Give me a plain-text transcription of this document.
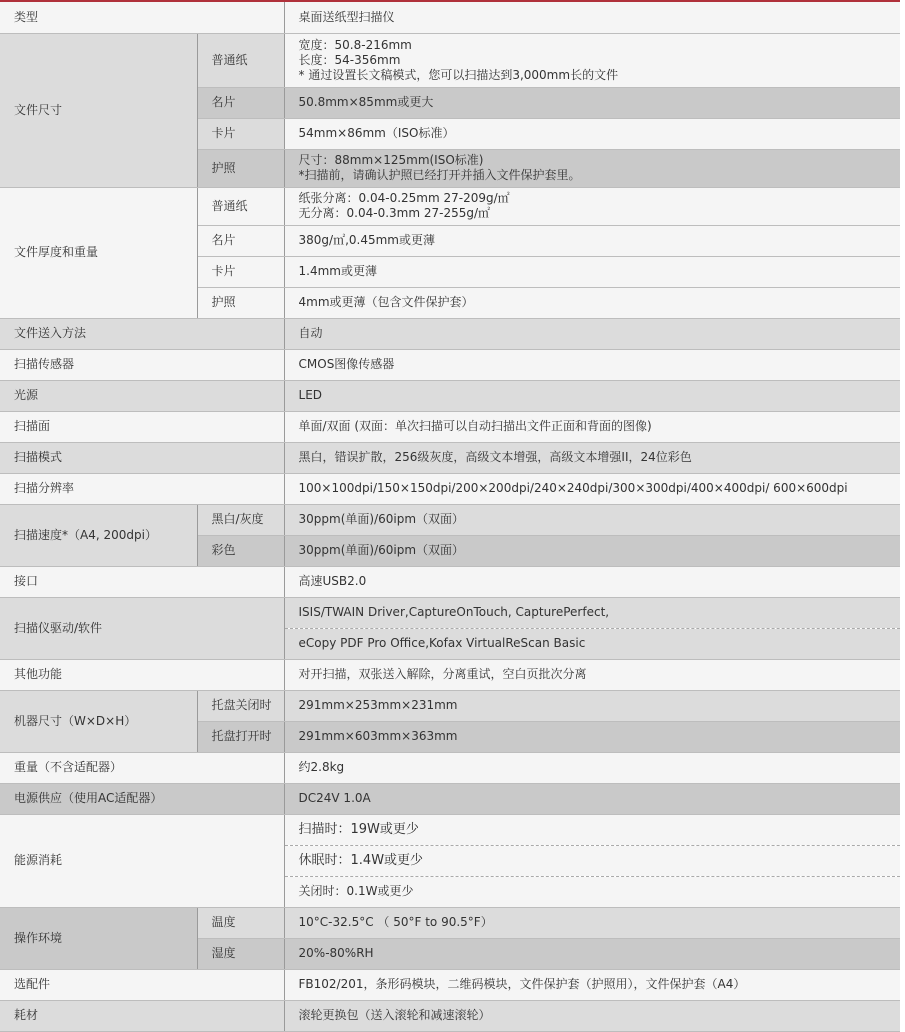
类型		桌面送纸型扫描仪
文件尺寸	普通纸	宽度：50.8-216mm
长度：54-356mm
* 通过设置长文稿模式，您可以扫描达到3,000mm长的文件

	名片	50.8mm×85mm或更大
	卡片	54mm×86mm（ISO标准）
	护照	尺寸：88mm×125mm(ISO标准)
*扫描前，请确认护照已经打开并插入文件保护套里。

文件厚度和重量	普通纸	纸张分离：0.04-0.25mm 27-209g/㎡
无分离：0.04-0.3mm 27-255g/㎡

	名片	380g/㎡,0.45mm或更薄
	卡片	1.4mm或更薄
	护照	4mm或更薄（包含文件保护套）
文件送入方法		自动
扫描传感器		CMOS图像传感器
光源		LED
扫描面		单面/双面 (双面：单次扫描可以自动扫描出文件正面和背面的图像)
扫描模式		黑白，错误扩散，256级灰度，高级文本增强，高级文本增强II，24位彩色
扫描分辨率		100×100dpi/150×150dpi/200×200dpi/240×240dpi/300×300dpi/400×400dpi/ 600×600dpi
扫描速度*（A4, 200dpi）	黑白/灰度	30ppm(单面)/60ipm（双面）
	彩色	30ppm(单面)/60ipm（双面）
接口		高速USB2.0
扫描仪驱动/软件		ISIS/TWAIN Driver,CaptureOnTouch, CapturePerfect,
		eCopy PDF Pro Office,Kofax VirtualReScan Basic
其他功能		对开扫描，双张送入解除，分离重试，空白页批次分离
机器尺寸（W×D×H）	托盘关闭时	291mm×253mm×231mm
	托盘打开时	291mm×603mm×363mm
重量（不含适配器）		约2.8kg
电源供应（使用AC适配器）		DC24V 1.0A
能源消耗		扫描时：19W或更少
		休眠时：1.4W或更少
		关闭时：0.1W或更少
操作环境	温度	10°C-32.5°C （ 50°F to 90.5°F）
	湿度	20%-80%RH
选配件		FB102/201，条形码模块，二维码模块，文件保护套（护照用），文件保护套（A4）
耗材		滚轮更换包（送入滚轮和减速滚轮）
